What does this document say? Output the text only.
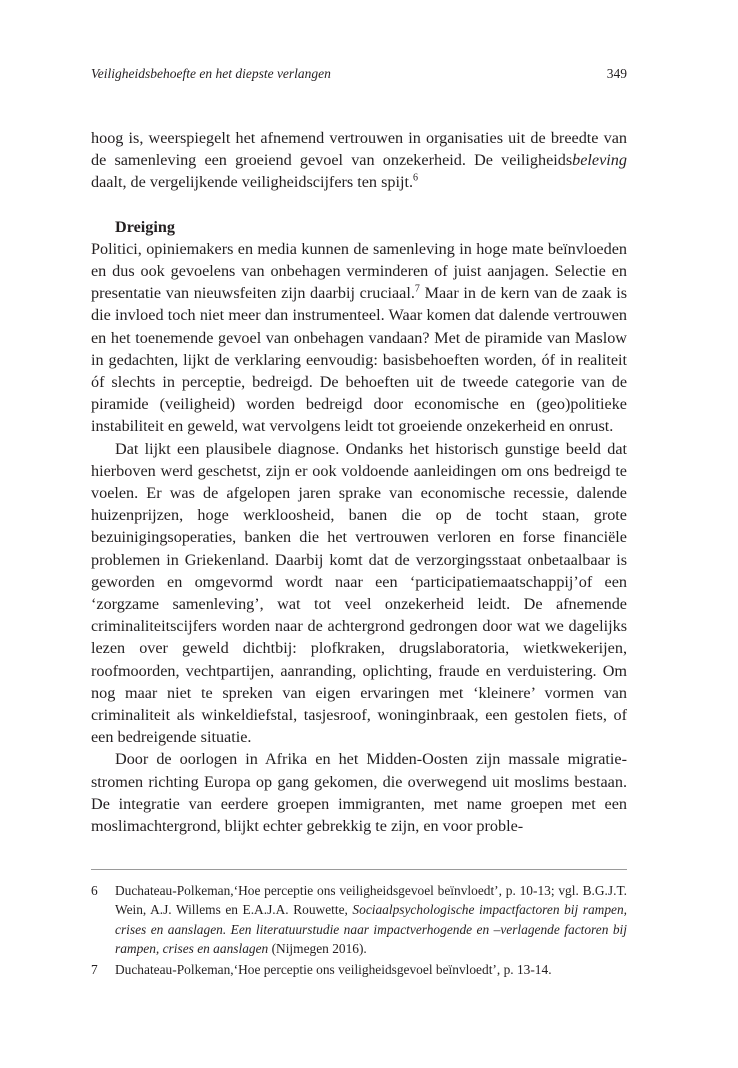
Veiligheidsbehoefte en het diepste verlangen	349

hoog is, weerspiegelt het afnemend vertrouwen in organisaties uit de breedte van de samenleving een groeiend gevoel van onzekerheid. De veiligheidsbeleving daalt, de vergelijkende veiligheidscijfers ten spijt.$^6$

Dreiging

Politici, opiniemakers en media kunnen de samenleving in hoge mate beïnvloeden en dus ook gevoelens van onbehagen verminderen of juist aanjagen. Selectie en presentatie van nieuwsfeiten zijn daarbij cruciaal.$^7$ Maar in de kern van de zaak is die invloed toch niet meer dan instrumenteel. Waar komen dat dalende vertrouwen en het toenemende gevoel van onbehagen vandaan? Met de piramide van Maslow in gedachten, lijkt de verklaring eenvoudig: basisbehoeften worden, óf in realiteit óf slechts in perceptie, bedreigd. De behoeften uit de tweede categorie van de piramide (veiligheid) worden bedreigd door economische en (geo)politieke instabiliteit en geweld, wat vervolgens leidt tot groeiende onzekerheid en onrust.

Dat lijkt een plausibele diagnose. Ondanks het historisch gunstige beeld dat hierboven werd geschetst, zijn er ook voldoende aanleidingen om ons bedreigd te voelen. Er was de afgelopen jaren sprake van economische recessie, dalende huizenprijzen, hoge werkloosheid, banen die op de tocht staan, grote bezuinigingsoperaties, banken die het vertrouwen verloren en forse financiële problemen in Griekenland. Daarbij komt dat de verzorgingsstaat onbetaalbaar is geworden en omgevormd wordt naar een ‘participatiemaatschappij’of een ‘zorgzame samenleving’, wat tot veel onzekerheid leidt. De afnemende criminaliteitscijfers worden naar de achtergrond gedrongen door wat we dagelijks lezen over geweld dichtbij: plofkraken, drugslaboratoria, wietkwekerijen, roofmoorden, vechtpartijen, aanranding, oplichting, fraude en verduistering. Om nog maar niet te spreken van eigen ervaringen met ‘kleinere’ vormen van criminaliteit als winkeldiefstal, tasjesroof, woninginbraak, een gestolen fiets, of een bedreigende situatie.

Door de oorlogen in Afrika en het Midden-Oosten zijn massale migratiestromen richting Europa op gang gekomen, die overwegend uit moslims bestaan. De integratie van eerdere groepen immigranten, met name groepen met een moslimachtergrond, blijkt echter gebrekkig te zijn, en voor proble-

6 Duchateau-Polkeman,‘Hoe perceptie ons veiligheidsgevoel beïnvloedt’, p. 10-13; vgl. B.G.J.T. Wein, A.J. Willems en E.A.J.A. Rouwette, Sociaalpsychologische impactfactoren bij rampen, crises en aanslagen. Een literatuurstudie naar impactverhogende en –verlagende factoren bij rampen, crises en aanslagen (Nijmegen 2016).
7 Duchateau-Polkeman,‘Hoe perceptie ons veiligheidsgevoel beïnvloedt’, p. 13-14.
